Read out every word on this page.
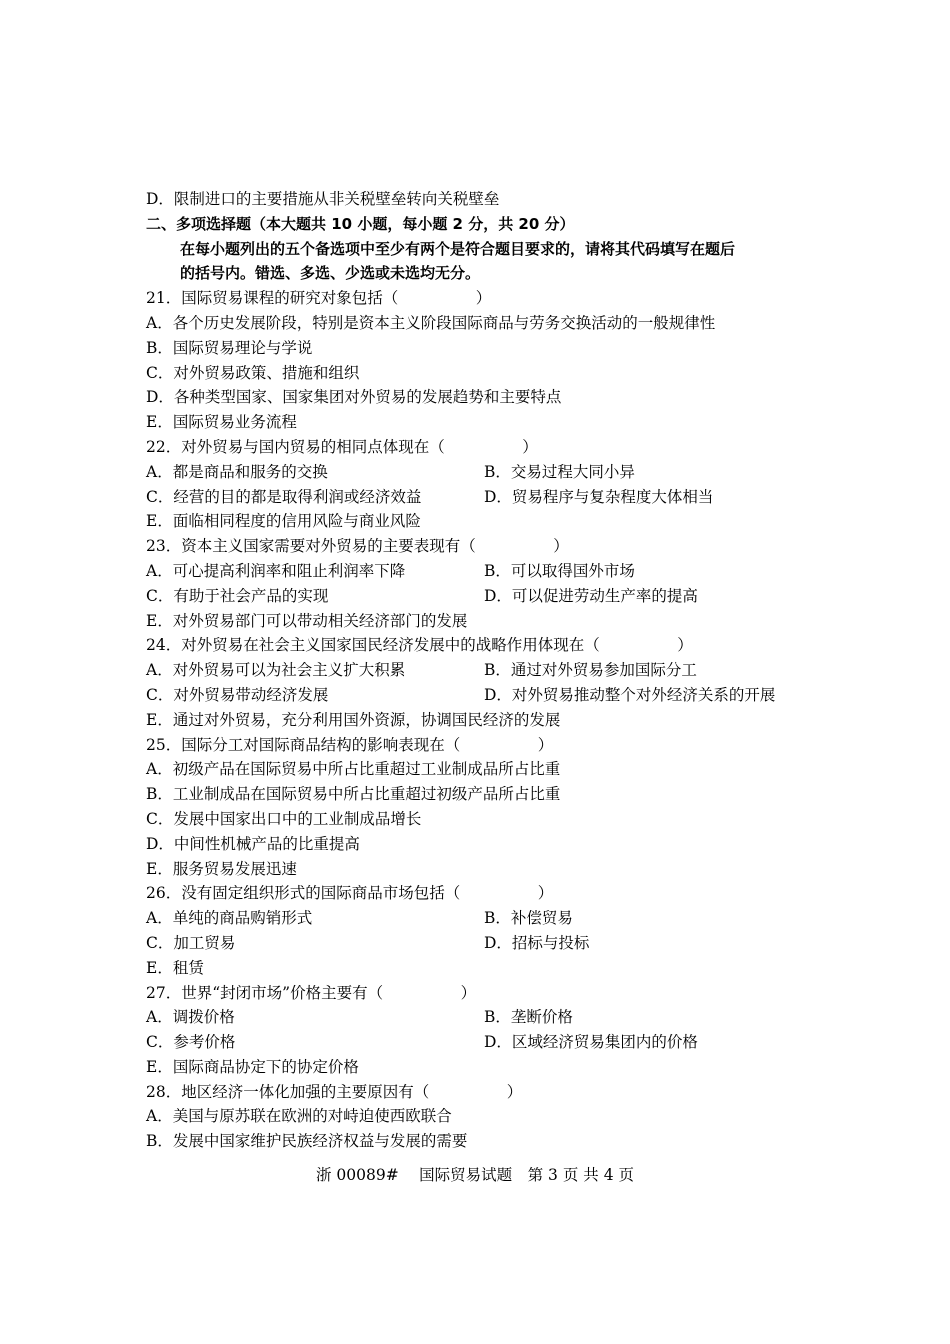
D．限制进口的主要措施从非关税壁垒转向关税壁垒
二、多项选择题（本大题共 10 小题，每小题 2 分，共 20 分）
在每小题列出的五个备选项中至少有两个是符合题目要求的，请将其代码填写在题后
的括号内。错选、多选、少选或未选均无分。
21．国际贸易课程的研究对象包括（　　　　　）
A．各个历史发展阶段，特别是资本主义阶段国际商品与劳务交换活动的一般规律性
B．国际贸易理论与学说
C．对外贸易政策、措施和组织
D．各种类型国家、国家集团对外贸易的发展趋势和主要特点
E．国际贸易业务流程
22．对外贸易与国内贸易的相同点体现在（　　　　　）
A．都是商品和服务的交换	B．交易过程大同小异
C．经营的目的都是取得利润或经济效益	D．贸易程序与复杂程度大体相当
E．面临相同程度的信用风险与商业风险
23．资本主义国家需要对外贸易的主要表现有（　　　　　）
A．可心提高利润率和阻止利润率下降	B．可以取得国外市场
C．有助于社会产品的实现	D．可以促进劳动生产率的提高
E．对外贸易部门可以带动相关经济部门的发展
24．对外贸易在社会主义国家国民经济发展中的战略作用体现在（　　　　　）
A．对外贸易可以为社会主义扩大积累	B．通过对外贸易参加国际分工
C．对外贸易带动经济发展	D．对外贸易推动整个对外经济关系的开展
E．通过对外贸易，充分利用国外资源，协调国民经济的发展
25．国际分工对国际商品结构的影响表现在（　　　　　）
A．初级产品在国际贸易中所占比重超过工业制成品所占比重
B．工业制成品在国际贸易中所占比重超过初级产品所占比重
C．发展中国家出口中的工业制成品增长
D．中间性机械产品的比重提高
E．服务贸易发展迅速
26．没有固定组织形式的国际商品市场包括（　　　　　）
A．单纯的商品购销形式	B．补偿贸易
C．加工贸易	D．招标与投标
E．租赁
27．世界“封闭市场”价格主要有（　　　　　）
A．调拨价格	B．垄断价格
C．参考价格	D．区域经济贸易集团内的价格
E．国际商品协定下的协定价格
28．地区经济一体化加强的主要原因有（　　　　　）
A．美国与原苏联在欧洲的对峙迫使西欧联合
B．发展中国家维护民族经济权益与发展的需要
浙 00089#　 国际贸易试题　第 3 页 共 4 页
